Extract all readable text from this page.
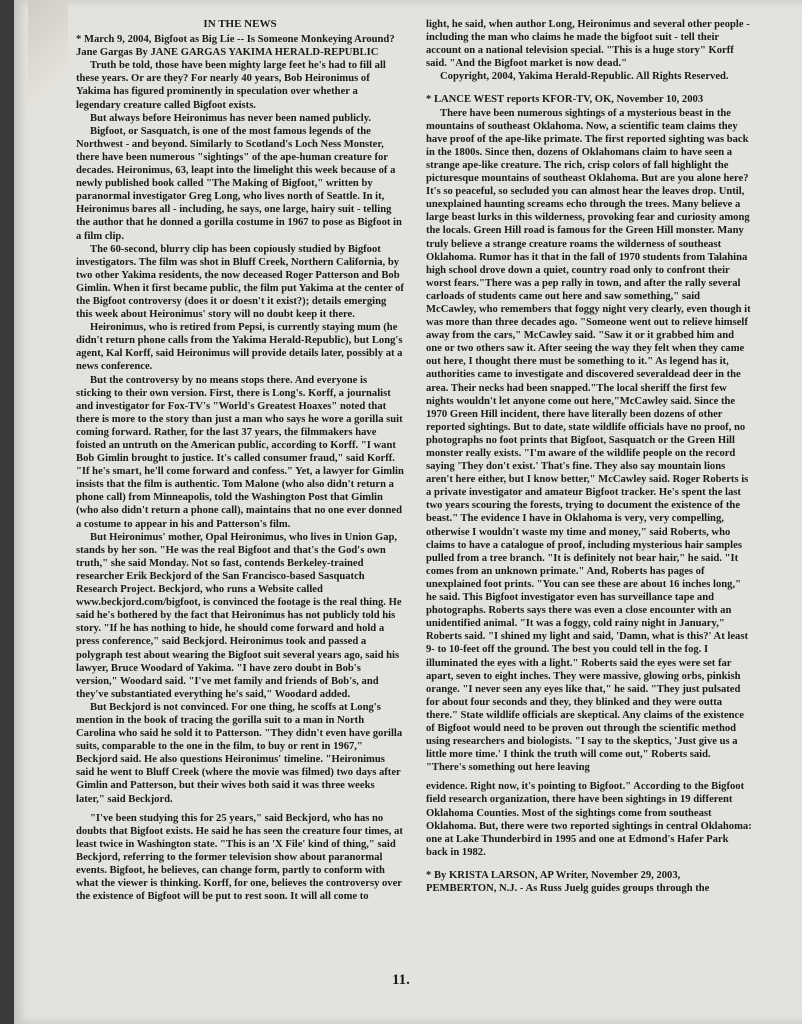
IN THE NEWS

* March 9, 2004, Bigfoot as Big Lie -- Is Someone Monkeying Around? Jane Gargas By JANE GARGAS YAKIMA HERALD-REPUBLIC

Truth be told, those have been mighty large feet he's had to fill all these years. Or are they? For nearly 40 years, Bob Heironimus of Yakima has figured prominently in speculation over whether a legendary creature called Bigfoot exists.

But always before Heironimus has never been named publicly.

Bigfoot, or Sasquatch, is one of the most famous legends of the Northwest - and beyond. Similarly to Scotland's Loch Ness Monster, there have been numerous "sightings" of the ape-human creature for decades. Heironimus, 63, leapt into the limelight this week because of a newly published book called "The Making of Bigfoot," written by paranormal investigator Greg Long, who lives north of Seattle. In it, Heironimus bares all - including, he says, one large, hairy suit - telling the author that he donned a gorilla costume in 1967 to pose as Bigfoot in a film clip.

The 60-second, blurry clip has been copiously studied by Bigfoot investigators. The film was shot in Bluff Creek, Northern California, by two other Yakima residents, the now deceased Roger Patterson and Bob Gimlin. When it first became public, the film put Yakima at the center of the Bigfoot controversy (does it or doesn't it exist?); details emerging this week about Heironimus' story will no doubt keep it there.

Heironimus, who is retired from Pepsi, is currently staying mum (he didn't return phone calls from the Yakima Herald-Republic), but Long's agent, Kal Korff, said Heironimus will provide details later, possibly at a news conference.

But the controversy by no means stops there. And everyone is sticking to their own version. First, there is Long's. Korff, a journalist and investigator for Fox-TV's "World's Greatest Hoaxes" noted that there is more to the story than just a man who says he wore a gorilla suit coming forward. Rather, for the last 37 years, the filmmakers have foisted an untruth on the American public, according to Korff. "I want Bob Gimlin brought to justice. It's called consumer fraud," said Korff. "If he's smart, he'll come forward and confess." Yet, a lawyer for Gimlin insists that the film is authentic. Tom Malone (who also didn't return a phone call) from Minneapolis, told the Washington Post that Gimlin (who also didn't return a phone call), maintains that no one ever donned a costume to appear in his and Patterson's film.

But Heironimus' mother, Opal Heironimus, who lives in Union Gap, stands by her son. "He was the real Bigfoot and that's the God's own truth," she said Monday. Not so fast, contends Berkeley-trained researcher Erik Beckjord of the San Francisco-based Sasquatch Research Project. Beckjord, who runs a Website called www.beckjord.com/bigfoot, is convinced the footage is the real thing. He said he's bothered by the fact that Heironimus has not publicly told his story. "If he has nothing to hide, he should come forward and hold a press conference," said Beckjord. Heironimus took and passed a polygraph test about wearing the Bigfoot suit several years ago, said his lawyer, Bruce Woodard of Yakima. "I have zero doubt in Bob's version," Woodard said. "I've met family and friends of Bob's, and they've substantiated everything he's said," Woodard added.

But Beckjord is not convinced. For one thing, he scoffs at Long's mention in the book of tracing the gorilla suit to a man in North Carolina who said he sold it to Patterson. "They didn't even have gorilla suits, comparable to the one in the film, to buy or rent in 1967," Beckjord said. He also questions Heironimus' timeline. "Heironimus said he went to Bluff Creek (where the movie was filmed) two days after Gimlin and Patterson, but their wives both said it was three weeks later," said Beckjord.

"I've been studying this for 25 years," said Beckjord, who has no doubts that Bigfoot exists. He said he has seen the creature four times, at least twice in Washington state. "This is an 'X File' kind of thing," said Beckjord, referring to the former television show about paranormal events. Bigfoot, he believes, can change form, partly to conform with what the viewer is thinking. Korff, for one, believes the controversy over the existence of Bigfoot will be put to rest soon. It will all come to

light, he said, when author Long, Heironimus and several other people - including the man who claims he made the bigfoot suit - tell their account on a national television special. "This is a huge story" Korff said. "And the Bigfoot market is now dead."

Copyright, 2004, Yakima Herald-Republic. All Rights Reserved.

* LANCE WEST reports KFOR-TV, OK, November 10, 2003

There have been numerous sightings of a mysterious beast in the mountains of southeast Oklahoma. Now, a scientific team claims they have proof of the ape-like primate. The first reported sighting was back in the 1800s. Since then, dozens of Oklahomans claim to have seen a strange ape-like creature. The rich, crisp colors of fall highlight the picturesque mountains of southeast Oklahoma. But are you alone here? It's so peaceful, so secluded you can almost hear the leaves drop. Until, unexplained haunting screams echo through the trees. Many believe a large beast lurks in this wilderness, provoking fear and curiosity among the locals. Green Hill road is famous for the Green Hill monster. Many truly believe a strange creature roams the wilderness of southeast Oklahoma. Rumor has it that in the fall of 1970 students from Talahina high school drove down a quiet, country road only to confront their worst fears."There was a pep rally in town, and after the rally several carloads of students came out here and saw something," said McCawley, who remembers that foggy night very clearly, even though it was more than three decades ago. "Someone went out to relieve himself away from the cars," McCawley said. "Saw it or it grabbed him and one or two others saw it. After seeing the way they felt when they came out here, I thought there must be something to it." As legend has it, authorities came to investigate and discovered severaldead deer in the area. Their necks had been snapped."The local sheriff the first few nights wouldn't let anyone come out here,"McCawley said. Since the 1970 Green Hill incident, there have literally been dozens of other reported sightings. But to date, state wildlife officials have no proof, no photographs no foot prints that Bigfoot, Sasquatch or the Green Hill monster really exists. "I'm aware of the wildlife people on the record saying 'They don't exist.' That's fine. They also say mountain lions aren't here either, but I know better," McCawley said. Roger Roberts is a private investigator and amateur Bigfoot tracker. He's spent the last two years scouring the forests, trying to document the existence of the beast." The evidence I have in Oklahoma is very, very compelling, otherwise I wouldn't waste my time and money," said Roberts, who claims to have a catalogue of proof, including mysterious hair samples pulled from a tree branch. "It is definitely not bear hair," he said. "It comes from an unknown primate." And, Roberts has pages of unexplained foot prints. "You can see these are about 16 inches long," he said. This Bigfoot investigator even has surveillance tape and photographs. Roberts says there was even a close encounter with an unidentified animal. "It was a foggy, cold rainy night in January," Roberts said. "I shined my light and said, 'Damn, what is this?' At least 9- to 10-feet off the ground. The best you could tell in the fog. I illuminated the eyes with a light." Roberts said the eyes were set far apart, seven to eight inches. They were massive, glowing orbs, pinkish orange. "I never seen any eyes like that," he said. "They just pulsated for about four seconds and they, they blinked and they were outta there." State wildlife officials are skeptical. Any claims of the existence of Bigfoot would need to be proven out through the scientific method using researchers and biologists. "I say to the skeptics, 'Just give us a little more time.' I think the truth will come out," Roberts said. "There's something out here leaving

evidence. Right now, it's pointing to Bigfoot." According to the Bigfoot field research organization, there have been sightings in 19 different Oklahoma Counties. Most of the sightings come from southeast Oklahoma. But, there were two reported sightings in central Oklahoma: one at Lake Thunderbird in 1995 and one at Edmond's Hafer Park back in 1982.

* By KRISTA LARSON, AP Writer, November 29, 2003, PEMBERTON, N.J. - As Russ Juelg guides groups through the

11.
